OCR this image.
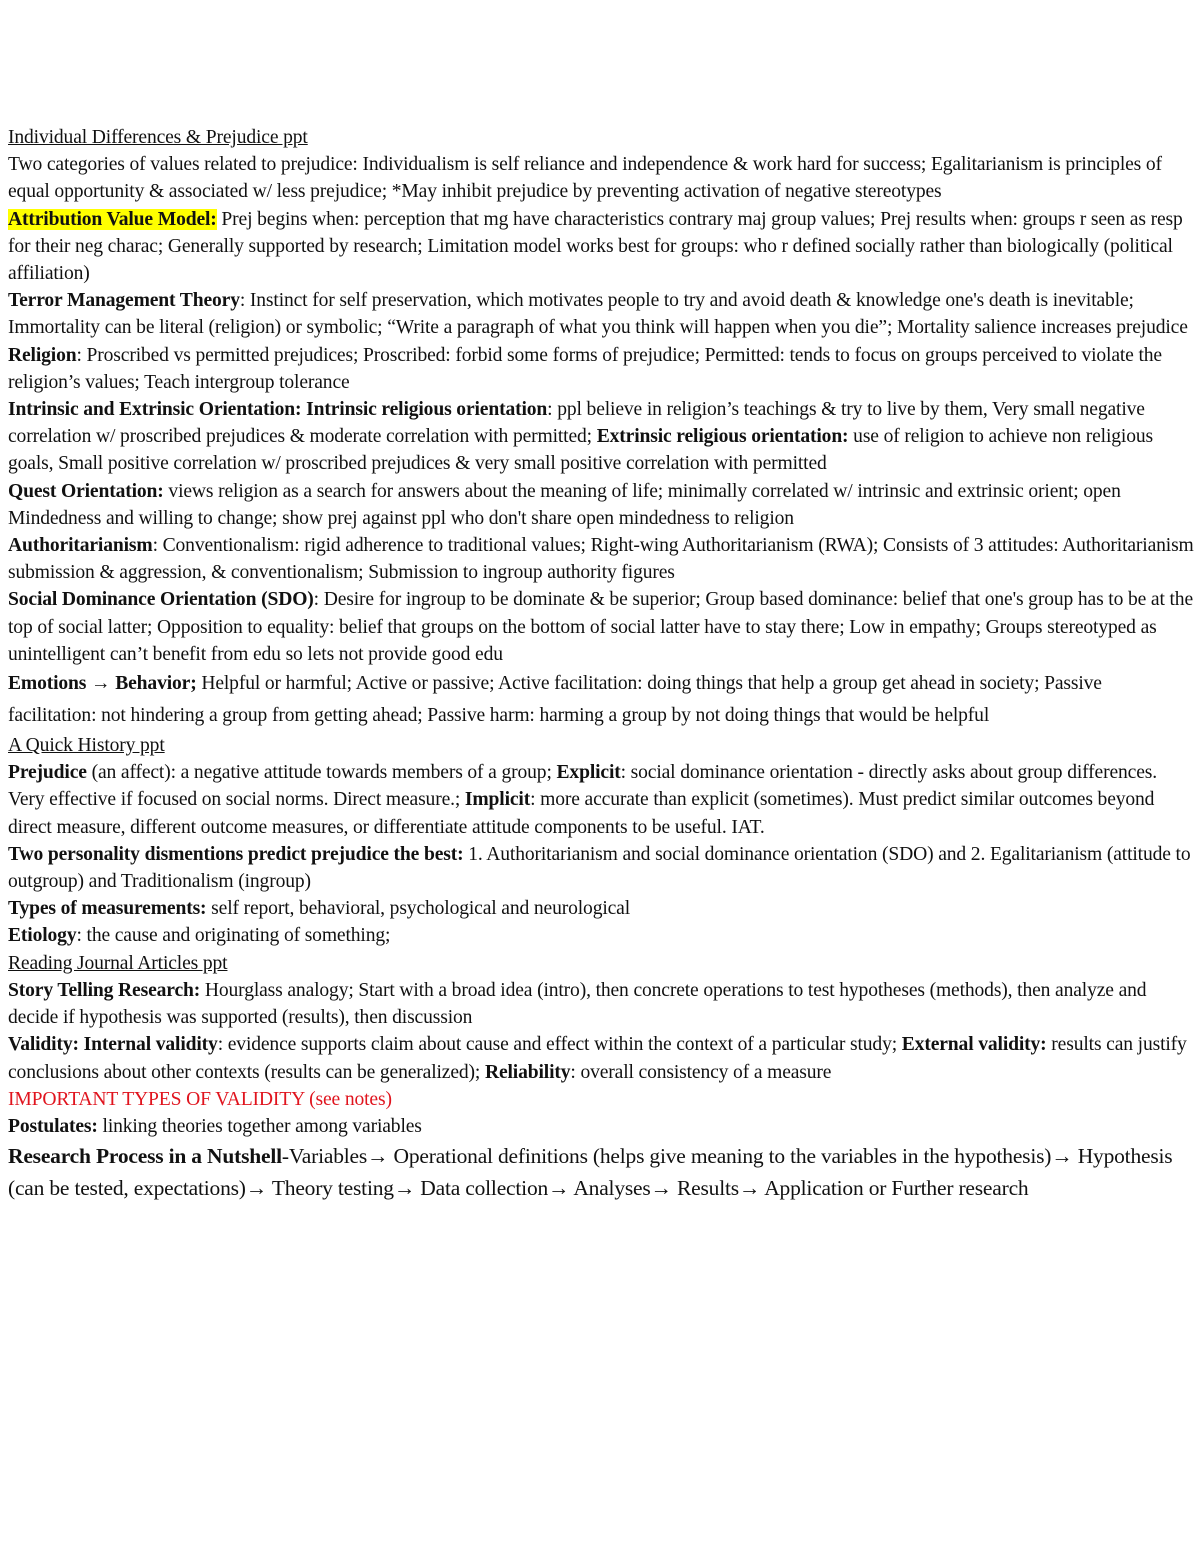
Individual Differences & Prejudice ppt

Two categories of values related to prejudice: Individualism is self reliance and independence & work hard for success; Egalitarianism is principles of equal opportunity & associated w/ less prejudice; *May inhibit prejudice by preventing activation of negative stereotypes

Attribution Value Model: Prej begins when: perception that mg have characteristics contrary maj group values; Prej results when: groups r seen as resp for their neg charac; Generally supported by research; Limitation model works best for groups: who r defined socially rather than biologically (political affiliation)

Terror Management Theory: Instinct for self preservation, which motivates people to try and avoid death & knowledge one's death is inevitable; Immortality can be literal (religion) or symbolic; “Write a paragraph of what you think will happen when you die”; Mortality salience increases prejudice

Religion: Proscribed vs permitted prejudices; Proscribed: forbid some forms of prejudice; Permitted: tends to focus on groups perceived to violate the religion’s values; Teach intergroup tolerance

Intrinsic and Extrinsic Orientation: Intrinsic religious orientation: ppl believe in religion’s teachings & try to live by them, Very small negative correlation w/ proscribed prejudices & moderate correlation with permitted; Extrinsic religious orientation: use of religion to achieve non religious goals, Small positive correlation w/ proscribed prejudices & very small positive correlation with permitted

Quest Orientation: views religion as a search for answers about the meaning of life; minimally correlated w/ intrinsic and extrinsic orient; open Mindedness and willing to change; show prej against ppl who don't share open mindedness to religion

Authoritarianism: Conventionalism: rigid adherence to traditional values; Right-wing Authoritarianism (RWA); Consists of 3 attitudes: Authoritarianism submission & aggression, & conventionalism; Submission to ingroup authority figures

Social Dominance Orientation (SDO): Desire for ingroup to be dominate & be superior; Group based dominance: belief that one's group has to be at the top of social latter; Opposition to equality: belief that groups on the bottom of social latter have to stay there; Low in empathy; Groups stereotyped as unintelligent can’t benefit from edu so lets not provide good edu

Emotions → Behavior; Helpful or harmful; Active or passive; Active facilitation: doing things that help a group get ahead in society; Passive facilitation: not hindering a group from getting ahead; Passive harm: harming a group by not doing things that would be helpful

A Quick History ppt

Prejudice (an affect): a negative attitude towards members of a group; Explicit: social dominance orientation - directly asks about group differences. Very effective if focused on social norms. Direct measure.; Implicit: more accurate than explicit (sometimes). Must predict similar outcomes beyond direct measure, different outcome measures, or differentiate attitude components to be useful. IAT.

Two personality dismentions predict prejudice the best: 1. Authoritarianism and social dominance orientation (SDO) and 2. Egalitarianism (attitude to outgroup) and Traditionalism (ingroup)

Types of measurements: self report, behavioral, psychological and neurological

Etiology: the cause and originating of something;

Reading Journal Articles ppt

Story Telling Research: Hourglass analogy; Start with a broad idea (intro), then concrete operations to test hypotheses (methods), then analyze and decide if hypothesis was supported (results), then discussion

Validity: Internal validity: evidence supports claim about cause and effect within the context of a particular study; External validity: results can justify conclusions about other contexts (results can be generalized); Reliability: overall consistency of a measure

IMPORTANT TYPES OF VALIDITY (see notes)

Postulates: linking theories together among variables

Research Process in a Nutshell-Variables→ Operational definitions (helps give meaning to the variables in the hypothesis)→ Hypothesis (can be tested, expectations)→ Theory testing→ Data collection→ Analyses→ Results→ Application or Further research
